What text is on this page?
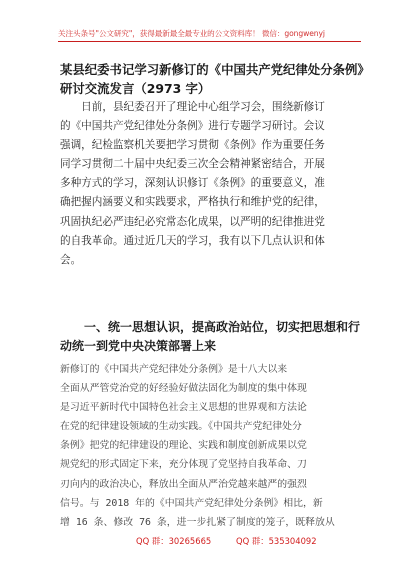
关注头条号"公文研究"，获得最新最全最专业的公文资料库！ 微信：gongwenyj
某县纪委书记学习新修订的《中国共产党纪律处分条例》
研讨交流发言（2973 字）
　　日前，县纪委召开了理论中心组学习会，围绕新修订
的《中国共产党纪律处分条例》进行专题学习研讨。会议
强调，纪检监察机关要把学习贯彻《条例》作为重要任务
同学习贯彻二十届中央纪委三次全会精神紧密结合，开展
多种方式的学习，深刻认识修订《条例》的重要意义，准
确把握内涵要义和实践要求，严格执行和维护党的纪律，
巩固执纪必严违纪必究常态化成果，以严明的纪律推进党
的自我革命。通过近几天的学习，我有以下几点认识和体
会。
　　一、统一思想认识，提高政治站位，切实把思想和行
动统一到党中央决策部署上来
新修订的《中国共产党纪律处分条例》是十八大以来
全面从严管党治党的好经验好做法固化为制度的集中体现
是习近平新时代中国特色社会主义思想的世界观和方法论
在党的纪律建设领域的生动实践。《中国共产党纪律处分
条例》把党的纪律建设的理论、实践和制度创新成果以党
规党纪的形式固定下来，充分体现了党坚持自我革命、刀
刃向内的政治决心，释放出全面从严治党越来越严的强烈
信号。与 2018 年的《中国共产党纪律处分条例》相比，新
增 16 条、修改 76 条，进一步扎紧了制度的笼子，既释放从
QQ 群：30265665	QQ 群：535304092
